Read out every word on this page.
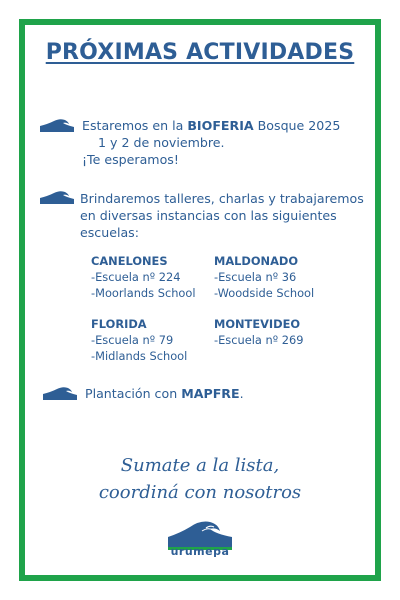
PRÓXIMAS ACTIVIDADES
Estaremos en la BIOFERIA Bosque 2025
1 y 2 de noviembre.
¡Te esperamos!
Brindaremos talleres, charlas y trabajaremos
en diversas instancias con las siguientes
escuelas:
CANELONES
-Escuela nº 224
-Moorlands School
MALDONADO
-Escuela nº 36
-Woodside School
FLORIDA
-Escuela nº 79
-Midlands School
MONTEVIDEO
-Escuela nº 269
Plantación con MAPFRE.
Sumate a la lista,
coordiná con nosotros
urumepa
